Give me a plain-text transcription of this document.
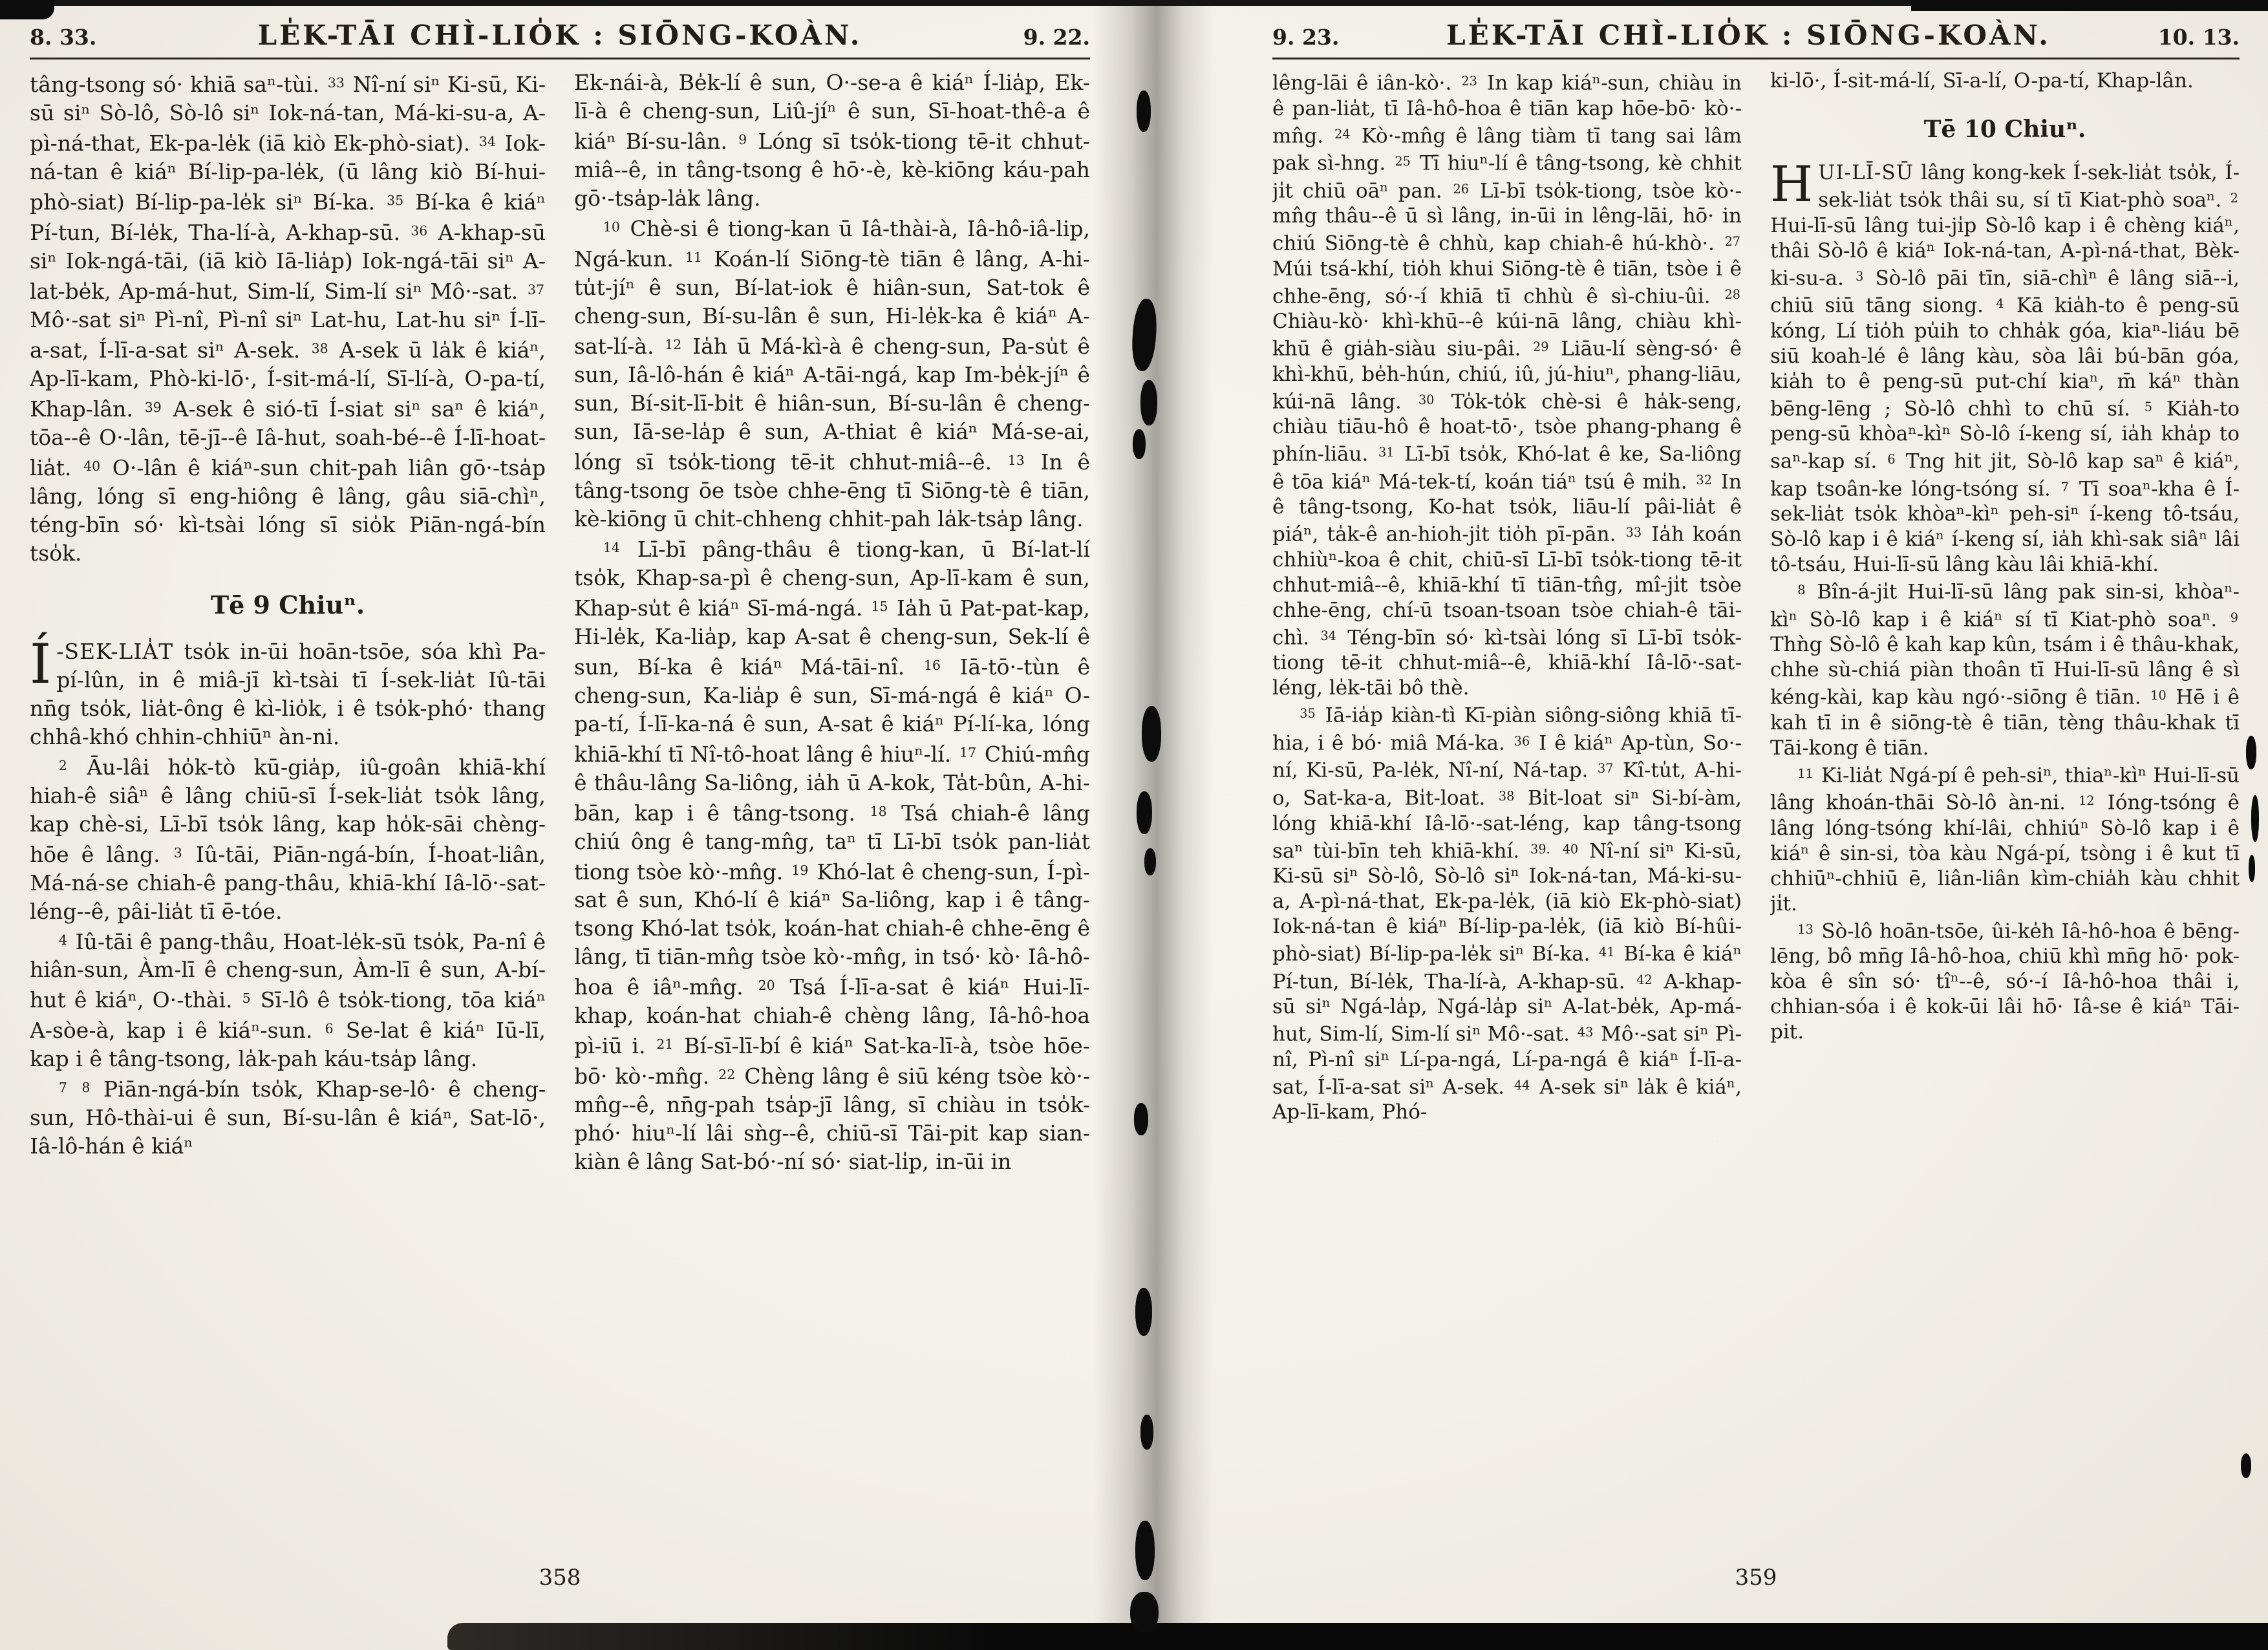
8. 33.	LE̍K-TĀI CHÌ-LIO̍K : SIŌNG-KOÀN.	9. 22.

tâng-tsong só· khiā saⁿ-tùi. $^{33}$ Nî-ní siⁿ Ki-sū, Ki-sū siⁿ Sò-lô, Sò-lô siⁿ Iok-ná-tan, Má-ki-su-a, A-pì-ná-that, Ek-pa-le̍k (iā kiò Ek-phò-siat). $^{34}$ Iok-ná-tan ê kiáⁿ Bí-lip-pa-le̍k, (ū lâng kiò Bí-hui-phò-siat) Bí-lip-pa-le̍k siⁿ Bí-ka. $^{35}$ Bí-ka ê kiáⁿ Pí-tun, Bí-le̍k, Tha-lí-à, A-khap-sū. $^{36}$ A-khap-sū siⁿ Iok-ngá-tāi, (iā kiò Iā-lia̍p) Iok-ngá-tāi siⁿ A-lat-be̍k, Ap-má-hut, Sim-lí, Sim-lí siⁿ Mô·-sat. $^{37}$ Mô·-sat siⁿ Pì-nî, Pì-nî siⁿ Lat-hu, Lat-hu siⁿ Í-lī-a-sat, Í-lī-a-sat siⁿ A-sek. $^{38}$ A-sek ū la̍k ê kiáⁿ, Ap-lī-kam, Phò-ki-lō·, Í-sit-má-lí, Sī-lí-à, O-pa-tí, Khap-lân. $^{39}$ A-sek ê sió-tī Í-siat siⁿ saⁿ ê kiáⁿ, tōa--ê O·-lân, tē-jī--ê Iâ-hut, soah-bé--ê Í-lī-hoat-lia̍t. $^{40}$ O·-lân ê kiáⁿ-sun chit-pah liân gō·-tsa̍p lâng, lóng sī eng-hiông ê lâng, gâu siā-chìⁿ, téng-bīn só· kì-tsài lóng sī sio̍k Piān-ngá-bín tso̍k.

Tē 9 Chiuⁿ.

Í -SEK-LIA̍T tso̍k in-ūi hoān-tsōe, sóa khì Pa-pí-lûn, in ê miâ-jī kì-tsài tī Í-sek-lia̍t Iû-tāi nn̄g tso̍k, lia̍t-ông ê kì-lio̍k, i ê tso̍k-phó· thang chhâ-khó chhin-chhiūⁿ àn-ni.

$^2$ Āu-lâi ho̍k-tò kū-gia̍p, iû-goân khiā-khí hiah-ê siâⁿ ê lâng chiū-sī Í-sek-lia̍t tso̍k lâng, kap chè-si, Lī-bī tso̍k lâng, kap ho̍k-sāi chèng-hōe ê lâng. $^3$ Iû-tāi, Piān-ngá-bín, Í-hoat-liân, Má-ná-se chiah-ê pang-thâu, khiā-khí Iâ-lō·-sat-léng--ê, pâi-lia̍t tī ē-tóe.

$^4$ Iû-tāi ê pang-thâu, Hoat-le̍k-sū tso̍k, Pa-nî ê hiân-sun, Àm-lī ê cheng-sun, Àm-lī ê sun, A-bí-hut ê kiáⁿ, O·-thài. $^5$ Sī-lô ê tso̍k-tiong, tōa kiáⁿ A-sòe-à, kap i ê kiáⁿ-sun. $^6$ Se-lat ê kiáⁿ Iū-lī, kap i ê tâng-tsong, la̍k-pah káu-tsa̍p lâng.

$^7$ $^8$ Piān-ngá-bín tso̍k, Khap-se-lô· ê cheng-sun, Hô-thài-ui ê sun, Bí-su-lân ê kiáⁿ, Sat-lō·, Iâ-lô-hán ê kiáⁿ

Ek-nái-à, Be̍k-lí ê sun, O·-se-a ê kiáⁿ Í-lia̍p, Ek-lī-à ê cheng-sun, Liû-jíⁿ ê sun, Sī-hoat-thê-a ê kiáⁿ Bí-su-lân. $^9$ Lóng sī tso̍k-tiong tē-it chhut-miâ--ê, in tâng-tsong ê hō·-è, kè-kiōng káu-pah gō·-tsa̍p-la̍k lâng.

$^{10}$ Chè-si ê tiong-kan ū Iâ-thài-à, Iâ-hô-iâ-lip, Ngá-kun. $^{11}$ Koán-lí Siōng-tè tiān ê lâng, A-hi-tu̍t-jíⁿ ê sun, Bí-lat-iok ê hiân-sun, Sat-tok ê cheng-sun, Bí-su-lân ê sun, Hi-le̍k-ka ê kiáⁿ A-sat-lí-à. $^{12}$ Ia̍h ū Má-kì-à ê cheng-sun, Pa-su̍t ê sun, Iâ-lô-hán ê kiáⁿ A-tāi-ngá, kap Im-be̍k-jíⁿ ê sun, Bí-sit-lī-bi̍t ê hiân-sun, Bí-su-lân ê cheng-sun, Iā-se-la̍p ê sun, A-thiat ê kiáⁿ Má-se-ai, lóng sī tso̍k-tiong tē-it chhut-miâ--ê. $^{13}$ In ê tâng-tsong ōe tsòe chhe-ēng tī Siōng-tè ê tiān, kè-kiōng ū chi̍t-chheng chhit-pah la̍k-tsa̍p lâng.

$^{14}$ Lī-bī pâng-thâu ê tiong-kan, ū Bí-lat-lí tso̍k, Khap-sa-pì ê cheng-sun, Ap-lī-kam ê sun, Khap-su̍t ê kiáⁿ Sī-má-ngá. $^{15}$ Ia̍h ū Pat-pat-kap, Hi-le̍k, Ka-lia̍p, kap A-sat ê cheng-sun, Sek-lí ê sun, Bí-ka ê kiáⁿ Má-tāi-nî. $^{16}$ Iā-tō·-tùn ê cheng-sun, Ka-lia̍p ê sun, Sī-má-ngá ê kiáⁿ O-pa-tí, Í-lī-ka-ná ê sun, A-sat ê kiáⁿ Pí-lí-ka, lóng khiā-khí tī Nî-tô-hoat lâng ê hiuⁿ-lí. $^{17}$ Chiú-mn̂g ê thâu-lâng Sa-liông, ia̍h ū A-kok, Ta̍t-bûn, A-hi-bān, kap i ê tâng-tsong. $^{18}$ Tsá chiah-ê lâng chiú ông ê tang-mn̂g, taⁿ tī Lī-bī tso̍k pan-lia̍t tiong tsòe kò·-mn̂g. $^{19}$ Khó-lat ê cheng-sun, Í-pì-sat ê sun, Khó-lí ê kiáⁿ Sa-liông, kap i ê tâng-tsong Khó-lat tso̍k, koán-hat chiah-ê chhe-ēng ê lâng, tī tiān-mn̂g tsòe kò·-mn̂g, in tsó· kò· Iâ-hô-hoa ê iâⁿ-mn̂g. $^{20}$ Tsá Í-lī-a-sat ê kiáⁿ Hui-lī-khap, koán-hat chiah-ê chèng lâng, Iâ-hô-hoa pì-iū i. $^{21}$ Bí-sī-lī-bí ê kiáⁿ Sat-ka-lī-à, tsòe hōe-bō· kò·-mn̂g. $^{22}$ Chèng lâng ê siū kéng tsòe kò·-mn̂g--ê, nn̄g-pah tsa̍p-jī lâng, sī chiàu in tso̍k-phó· hiuⁿ-lí lâi sǹg--ê, chiū-sī Tāi-pit kap sian-kiàn ê lâng Sat-bó·-ní só· siat-li̍p, in-ūi in

358
9. 23.	LE̍K-TĀI CHÌ-LIO̍K : SIŌNG-KOÀN.	10. 13.

lêng-lāi ê iân-kò·. $^{23}$ In kap kiáⁿ-sun, chiàu in ê pan-lia̍t, tī Iâ-hô-hoa ê tiān kap hōe-bō· kò·-mn̂g. $^{24}$ Kò·-mn̂g ê lâng tiàm tī tang sai lâm pak sì-hng. $^{25}$ Tī hiuⁿ-lí ê tâng-tsong, kè chhit ji̍t chiū oāⁿ pan. $^{26}$ Lī-bī tso̍k-tiong, tsòe kò·-mn̂g thâu--ê ū sì lâng, in-ūi in lêng-lāi, hō· in chiú Siōng-tè ê chhù, kap chiah-ê hú-khò·. $^{27}$ Múi tsá-khí, tio̍h khui Siōng-tè ê tiān, tsòe i ê chhe-ēng, só·-í khiā tī chhù ê sì-chiu-ûi. $^{28}$ Chiàu-kò· khì-khū--ê kúi-nā lâng, chiàu khì-khū ê gia̍h-siàu siu-pâi. $^{29}$ Liāu-lí sèng-só· ê khì-khū, be̍h-hún, chiú, iû, jú-hiuⁿ, phang-liāu, kúi-nā lâng. $^{30}$ To̍k-to̍k chè-si ê ha̍k-seng, chiàu tiāu-hô ê hoat-tō·, tsòe phang-phang ê phín-liāu. $^{31}$ Lī-bī tso̍k, Khó-lat ê ke, Sa-liông ê tōa kiáⁿ Má-tek-tí, koán tiáⁿ tsú ê mi̍h. $^{32}$ In ê tâng-tsong, Ko-hat tso̍k, liāu-lí pâi-lia̍t ê piáⁿ, ta̍k-ê an-hioh-ji̍t tio̍h pī-pān. $^{33}$ Ia̍h koán chhiùⁿ-koa ê chit, chiū-sī Lī-bī tso̍k-tiong tē-it chhut-miâ--ê, khiā-khí tī tiān-tn̂g, mî-ji̍t tsòe chhe-ēng, chí-ū tsoan-tsoan tsòe chiah-ê tāi-chì. $^{34}$ Téng-bīn só· kì-tsài lóng sī Lī-bī tso̍k-tiong tē-it chhut-miâ--ê, khiā-khí Iâ-lō·-sat-léng, le̍k-tāi bô thè.

$^{35}$ Iā-ia̍p kiàn-tì Kī-piàn siông-siông khiā tī-hia, i ê bó· miâ Má-ka. $^{36}$ I ê kiáⁿ Ap-tùn, So·-ní, Ki-sū, Pa-le̍k, Nî-ní, Ná-tap. $^{37}$ Kî-tu̍t, A-hi-o, Sat-ka-a, Bi̍t-loat. $^{38}$ Bi̍t-loat siⁿ Si-bí-àm, lóng khiā-khí Iâ-lō·-sat-léng, kap tâng-tsong saⁿ tùi-bīn teh khiā-khí. $^{39.}$ $^{40}$ Nî-ní siⁿ Ki-sū, Ki-sū siⁿ Sò-lô, Sò-lô siⁿ Iok-ná-tan, Má-ki-su-a, A-pì-ná-that, Ek-pa-le̍k, (iā kiò Ek-phò-siat) Iok-ná-tan ê kiáⁿ Bí-lip-pa-le̍k, (iā kiò Bí-hûi-phò-siat) Bí-lip-pa-le̍k siⁿ Bí-ka. $^{41}$ Bí-ka ê kiáⁿ Pí-tun, Bí-le̍k, Tha-lí-à, A-khap-sū. $^{42}$ A-khap-sū siⁿ Ngá-la̍p, Ngá-la̍p siⁿ A-lat-be̍k, Ap-má-hut, Sim-lí, Sim-lí siⁿ Mô·-sat. $^{43}$ Mô·-sat siⁿ Pì-nî, Pì-nî siⁿ Lí-pa-ngá, Lí-pa-ngá ê kiáⁿ Í-lī-a-sat, Í-lī-a-sat siⁿ A-sek. $^{44}$ A-sek siⁿ la̍k ê kiáⁿ, Ap-lī-kam, Phó-

ki-lō·, Í-sit-má-lí, Sī-a-lí, O-pa-tí, Khap-lân.

Tē 10 Chiuⁿ.

HUI-LĪ-SŪ lâng kong-kek Í-sek-lia̍t tso̍k, Í-sek-lia̍t tso̍k thâi su, sí tī Kiat-phò soaⁿ. $^2$ Hui-lī-sū lâng tui-ji̍p Sò-lô kap i ê chèng kiáⁿ, thâi Sò-lô ê kiáⁿ Iok-ná-tan, A-pì-ná-that, Bèk-ki-su-a. $^3$ Sò-lô pāi tīn, siā-chìⁿ ê lâng siā--i, chiū siū tāng siong. $^4$ Kā kia̍h-to ê peng-sū kóng, Lí tio̍h pu̍ih to chha̍k góa, kiaⁿ-liáu bē siū koah-lé ê lâng kàu, sòa lâi bú-bān góa, kia̍h to ê peng-sū put-chí kiaⁿ, m̄ káⁿ thàn bēng-lēng ; Sò-lô chhì to chū sí. $^5$ Kia̍h-to peng-sū khòaⁿ-kìⁿ Sò-lô í-keng sí, ia̍h kha̍p to saⁿ-kap sí. $^6$ Tng hit ji̍t, Sò-lô kap saⁿ ê kiáⁿ, kap tsoân-ke lóng-tsóng sí. $^7$ Tī soaⁿ-kha ê Í-sek-lia̍t tso̍k khòaⁿ-kìⁿ peh-siⁿ í-keng tô-tsáu, Sò-lô kap i ê kiáⁿ í-keng sí, ia̍h khì-sak siâⁿ lâi tô-tsáu, Hui-lī-sū lâng kàu lâi khiā-khí.

$^8$ Bîn-á-ji̍t Hui-lī-sū lâng pak sin-si, khòaⁿ-kìⁿ Sò-lô kap i ê kiáⁿ sí tī Kiat-phò soaⁿ. $^9$ Thǹg Sò-lô ê kah kap kûn, tsám i ê thâu-khak, chhe sù-chiá piàn thoân tī Hui-lī-sū lâng ê sì kéng-kài, kap kàu ngó·-siōng ê tiān. $^{10}$ Hē i ê kah tī in ê siōng-tè ê tiān, tèng thâu-khak tī Tāi-kong ê tiān.

$^{11}$ Ki-lia̍t Ngá-pí ê peh-siⁿ, thiaⁿ-kìⁿ Hui-lī-sū lâng khoán-thāi Sò-lô àn-ni. $^{12}$ Ióng-tsóng ê lâng lóng-tsóng khí-lâi, chhiúⁿ Sò-lô kap i ê kiáⁿ ê sin-si, tòa kàu Ngá-pí, tsòng i ê kut tī chhiūⁿ-chhiū ē, liân-liân kìm-chia̍h kàu chhit ji̍t.

$^{13}$ Sò-lô hoān-tsōe, ûi-ke̍h Iâ-hô-hoa ê bēng-lēng, bô mn̄g Iâ-hô-hoa, chiū khì mn̄g hō· pok-kòa ê sîn só· tîⁿ--ê, só·-í Iâ-hô-hoa thâi i, chhian-sóa i ê kok-ūi lâi hō· Iâ-se ê kiáⁿ Tāi-pit.

359
